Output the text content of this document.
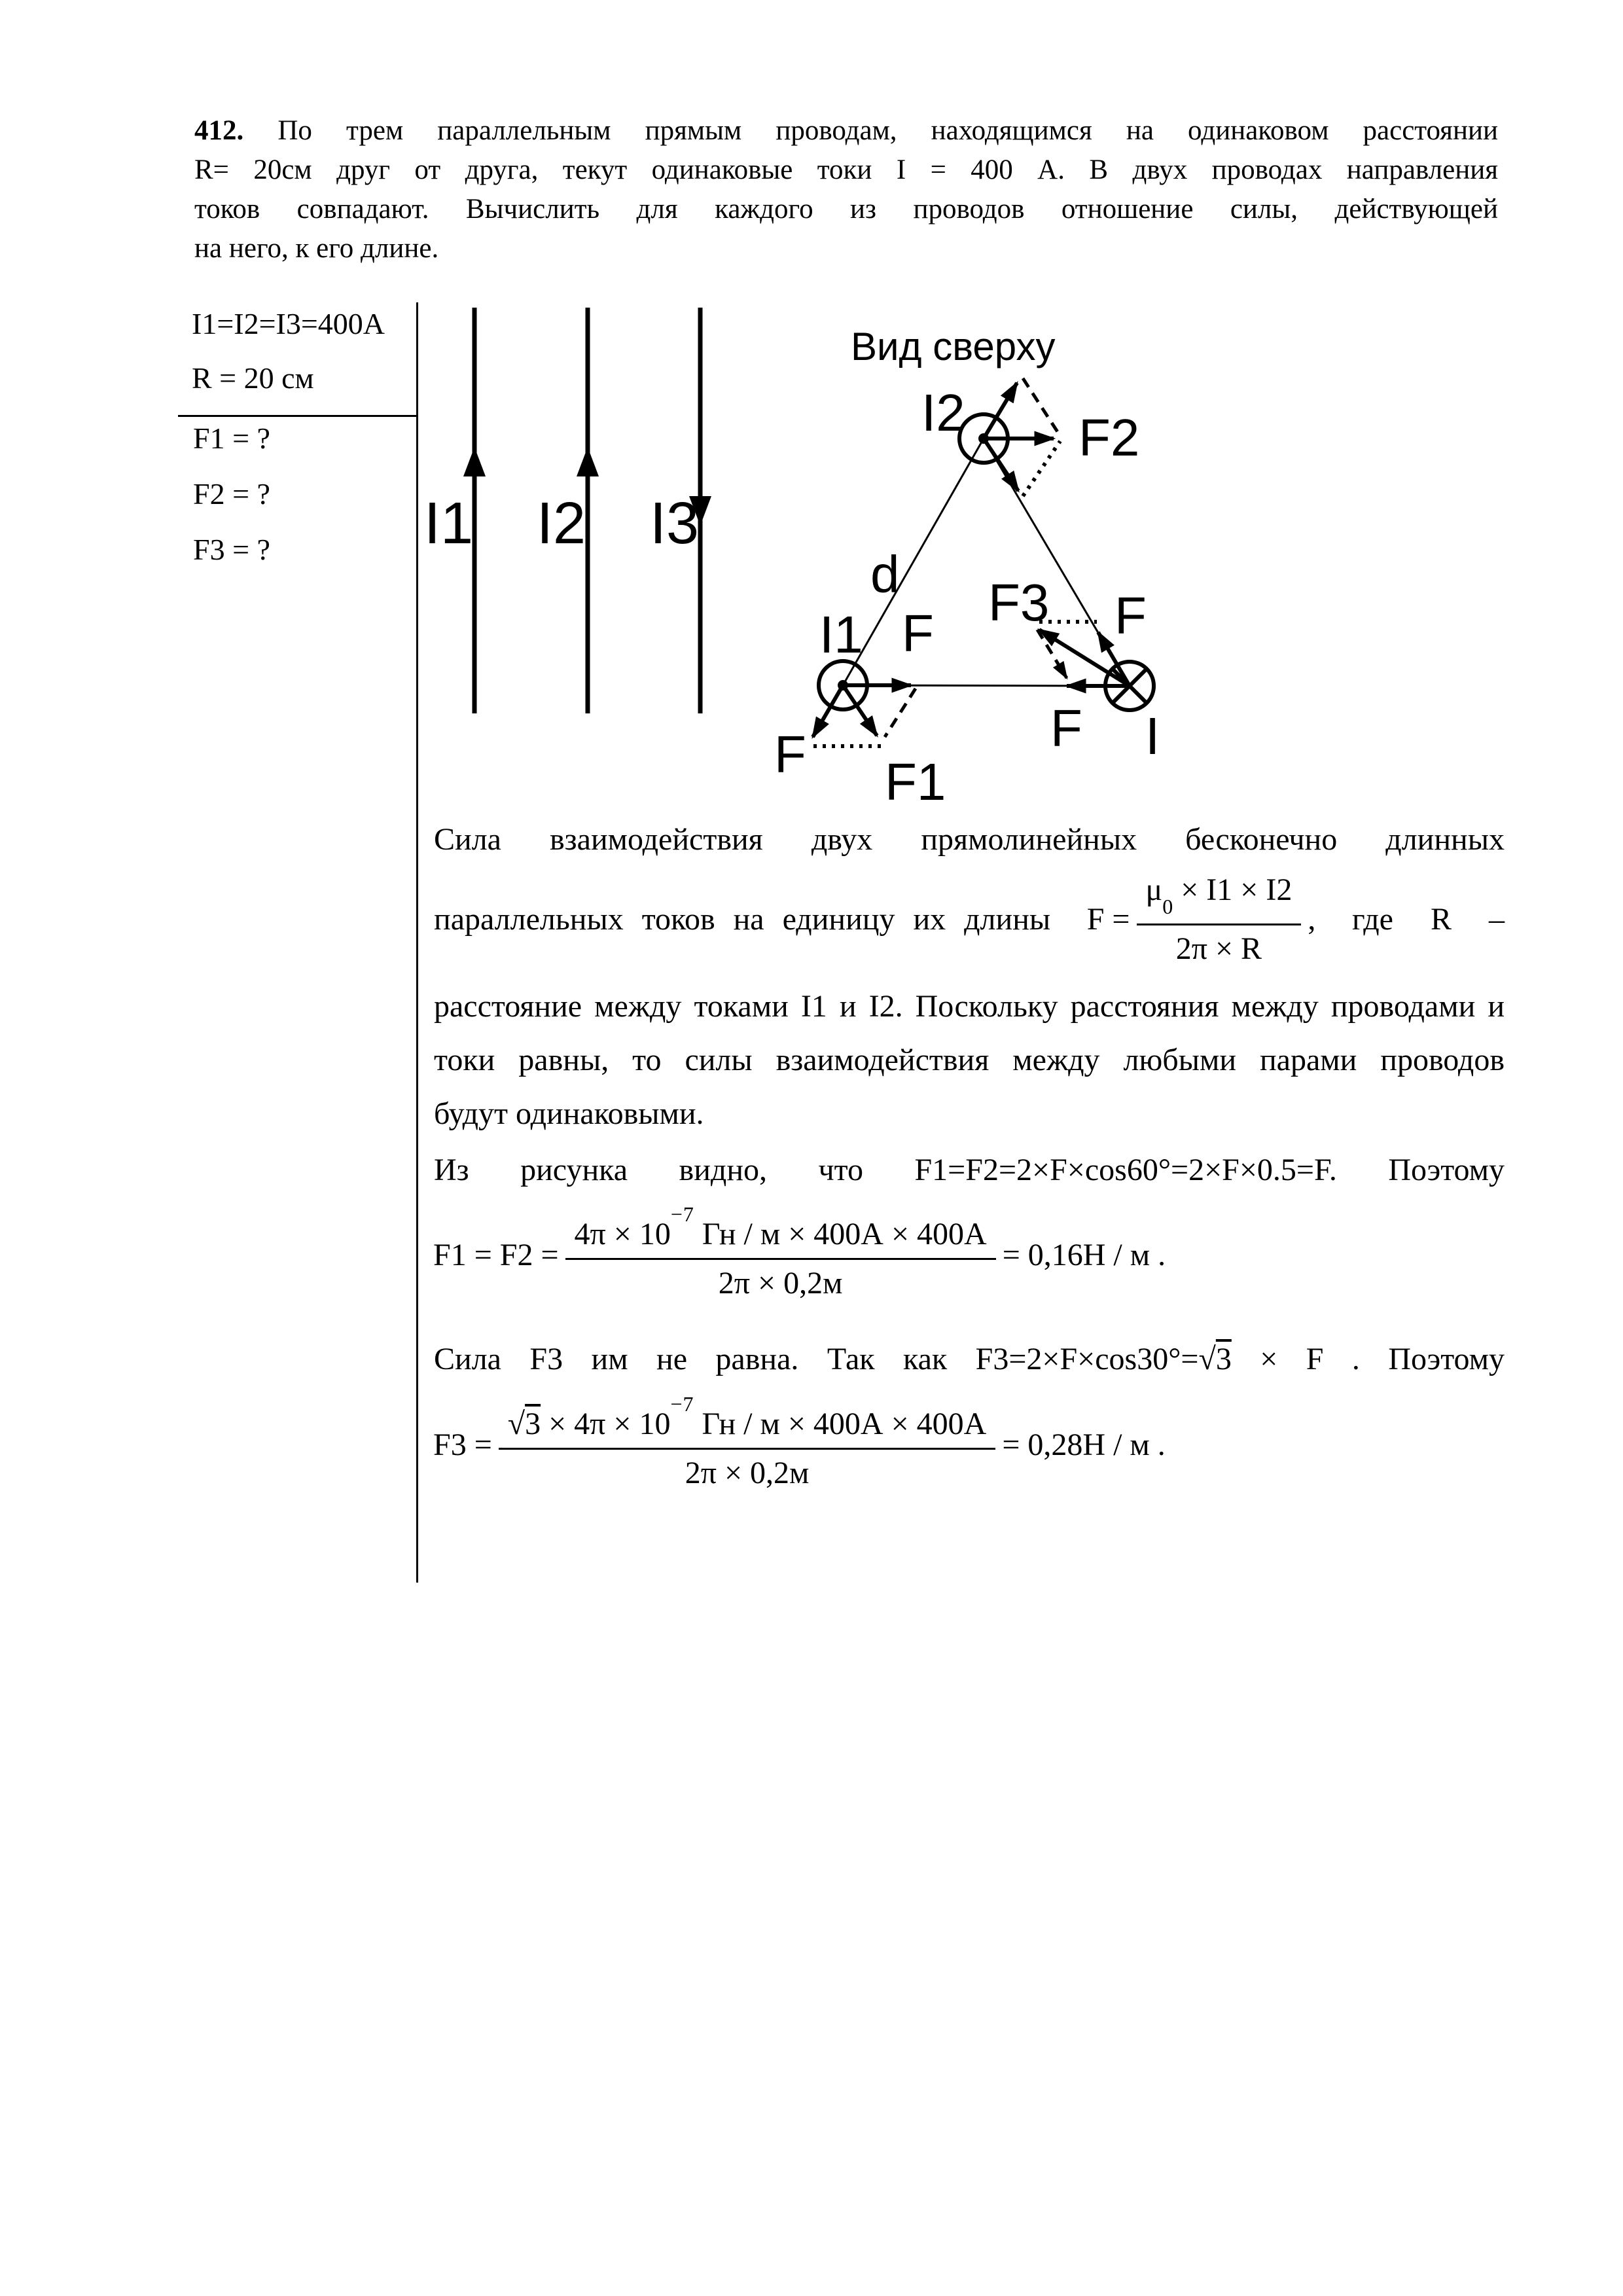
412. По трем параллельным прямым проводам, находящимся на одинаковом расстоянии
R= 20см друг от друга, текут одинаковые токи I = 400 А. В двух проводах направления
токов совпадают. Вычислить для каждого из проводов отношение силы, действующей
на него, к его длине.
I1=I2=I3=400A
R = 20 см
F1 = ?
F2 = ?
F3 = ?	I1 I2 I3
Вид сверху
d
I2 F2
I1 F
F F1
F3 F
F I
Сила взаимодействия двух прямолинейных бесконечно длинных
параллельных токов на единицу их длины $F = \frac{\mu_0 \times I1 \times I2}{2\pi \times R}$ , где R –
расстояние между токами I1 и I2. Поскольку расстояния между проводами и
токи равны, то силы взаимодействия между любыми парами проводов
будут одинаковыми.
Из рисунка видно, что F1=F2=2×F×cos60°=2×F×0.5=F. Поэтому
$F1 = F2 = \frac{4\pi \times 10^{-7} Гн / м \times 400А \times 400А}{2\pi \times 0,2м} = 0,16Н / м$ .
Сила F3 им не равна. Так как F3=2×F×cos30°=√3 × F . Поэтому
$F3 = \frac{√3 \times 4\pi \times 10^{-7} Гн / м \times 400А \times 400А}{2\pi \times 0,2м} = 0,28Н / м$ .
